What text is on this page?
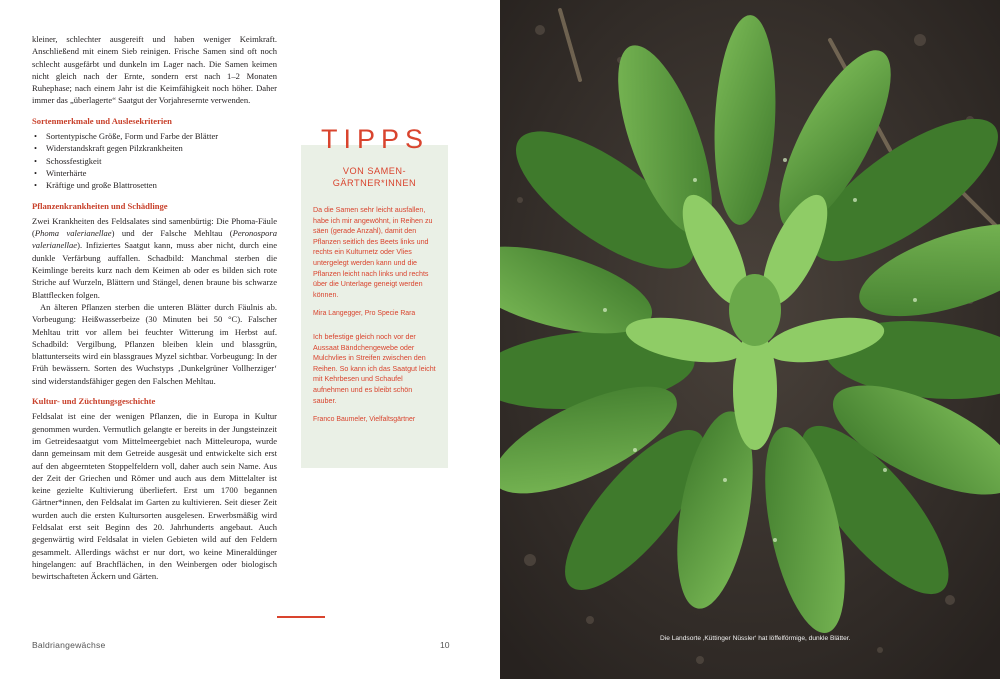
kleiner, schlechter ausgereift und haben weniger Keimkraft. Anschließend mit einem Sieb reinigen. Frische Samen sind oft noch schlecht ausgefärbt und dunkeln im Lager nach. Die Samen keimen nicht gleich nach der Ernte, sondern erst nach 1–2 Monaten Ruhephase; nach einem Jahr ist die Keimfähigkeit noch höher. Daher immer das „überlagerte“ Saatgut der Vorjahresernte verwenden.

Sortenmerkmale und Auslesekriterien
• Sortentypische Größe, Form und Farbe der Blätter
• Widerstandskraft gegen Pilzkrankheiten
• Schossfestigkeit
• Winterhärte
• Kräftige und große Blattrosetten
Pflanzenkrankheiten und Schädlinge

Zwei Krankheiten des Feldsalates sind samenbürtig: Die Phoma-Fäule (Phoma valerianellae) und der Falsche Mehltau (Peronospora valerianellae). Infiziertes Saatgut kann, muss aber nicht, durch eine dunkle Verfärbung auffallen. Schadbild: Manchmal sterben die Keimlinge bereits kurz nach dem Keimen ab oder es bilden sich rote Striche auf Wurzeln, Blättern und Stängel, denen braune bis schwarze Blattflecken folgen.

An älteren Pflanzen sterben die unteren Blätter durch Fäulnis ab. Vorbeugung: Heißwasserbeize (30 Minuten bei 50 °C). Falscher Mehltau tritt vor allem bei feuchter Witterung im Herbst auf. Schadbild: Vergilbung, Pflanzen bleiben klein und blassgrün, blattunterseits wird ein blassgraues Myzel sichtbar. Vorbeugung: In der Früh bewässern. Sorten des Wuchstyps ‚Dunkelgrüner Vollherziger‘ sind widerstandsfähiger gegen den Falschen Mehltau.

Kultur- und Züchtungsgeschichte

Feldsalat ist eine der wenigen Pflanzen, die in Europa in Kultur genommen wurden. Vermutlich gelangte er bereits in der Jungsteinzeit im Getreidesaatgut vom Mittelmeergebiet nach Mitteleuropa, wurde dann gemeinsam mit dem Getreide ausgesät und entwickelte sich erst auf den abgeernteten Stoppelfeldern voll, daher auch sein Name. Aus der Zeit der Griechen und Römer und auch aus dem Mittelalter ist keine gezielte Kultivierung überliefert. Erst um 1700 begannen Gärtner*innen, den Feldsalat im Garten zu kultivieren. Seit dieser Zeit wurden auch die ersten Kultursorten ausgelesen. Erwerbsmäßig wird Feldsalat erst seit Beginn des 20. Jahrhunderts angebaut. Auch gegenwärtig wird Feldsalat in vielen Gebieten wild auf den Feldern gesammelt. Allerdings wächst er nur dort, wo keine Mineraldünger hingelangen: auf Brachflächen, in den Weinbergen oder biologisch bewirtschafteten Äckern und Gärten.

TIPPS
VON SAMEN-
GÄRTNER*INNEN

Da die Samen sehr leicht ausfallen, habe ich mir angewöhnt, in Reihen zu säen (gerade Anzahl), damit den Pflanzen seitlich des Beets links und rechts ein Kulturnetz oder Vlies untergelegt werden kann und die Pflanzen leicht nach links und rechts über die Unterlage geneigt werden können.

Mira Langegger, Pro Specie Rara

Ich befestige gleich noch vor der Aussaat Bändchengewebe oder Mulchvlies in Streifen zwischen den Reihen. So kann ich das Saatgut leicht mit Kehrbesen und Schaufel aufnehmen und es bleibt schön sauber.

Franco Baumeler, Vielfaltsgärtner

Baldriangewächse	10
Die Landsorte ‚Küttinger Nüssler‘ hat löffelförmige, dunkle Blätter.
